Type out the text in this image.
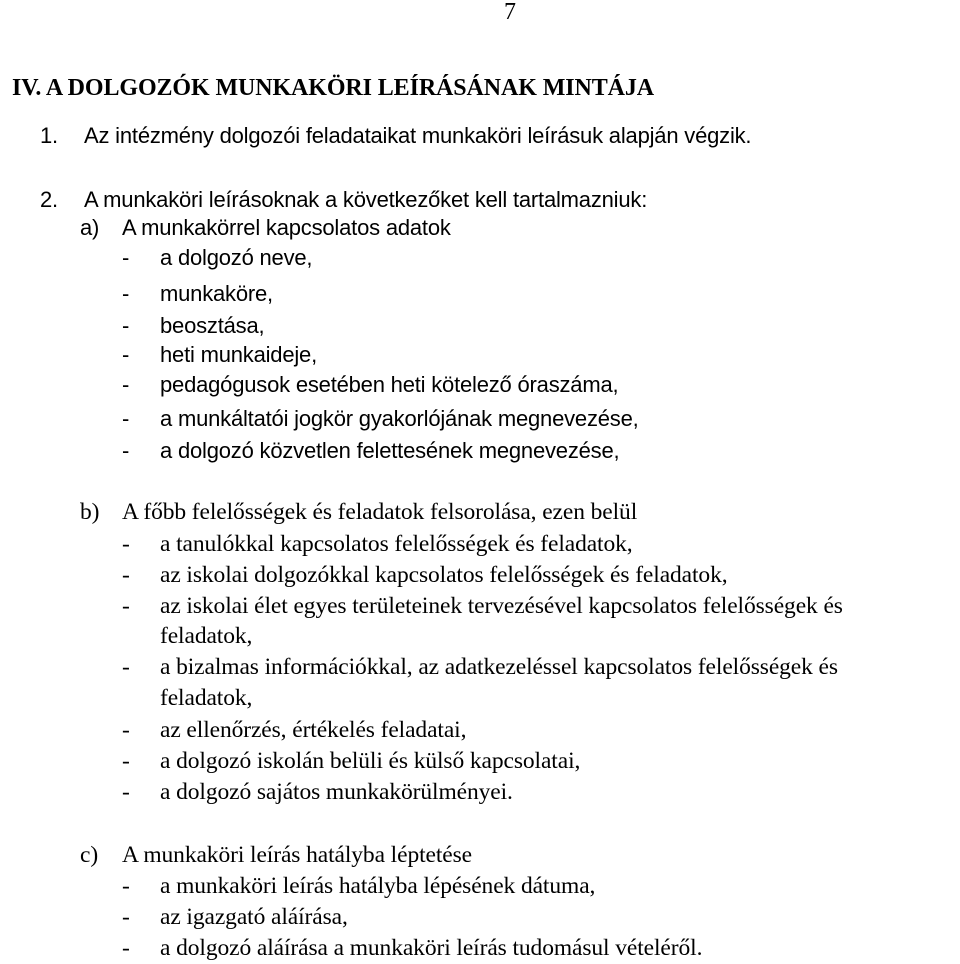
7
IV. A DOLGOZÓK MUNKAKÖRI LEÍRÁSÁNAK MINTÁJA
1. Az intézmény dolgozói feladataikat munkaköri leírásuk alapján végzik.
2. A munkaköri leírásoknak a következőket kell tartalmazniuk:
a) A munkakörrel kapcsolatos adatok
- a dolgozó neve,
- munkaköre,
- beosztása,
- heti munkaideje,
- pedagógusok esetében heti kötelező óraszáma,
- a munkáltatói jogkör gyakorlójának megnevezése,
- a dolgozó közvetlen felettesének megnevezése,
b) A főbb felelősségek és feladatok felsorolása, ezen belül
- a tanulókkal kapcsolatos felelősségek és feladatok,
- az iskolai dolgozókkal kapcsolatos felelősségek és feladatok,
- az iskolai élet egyes területeinek tervezésével kapcsolatos felelősségek és
feladatok,
- a bizalmas információkkal, az adatkezeléssel kapcsolatos felelősségek és
feladatok,
- az ellenőrzés, értékelés feladatai,
- a dolgozó iskolán belüli és külső kapcsolatai,
- a dolgozó sajátos munkakörülményei.
c) A munkaköri leírás hatályba léptetése
- a munkaköri leírás hatályba lépésének dátuma,
- az igazgató aláírása,
- a dolgozó aláírása a munkaköri leírás tudomásul vételéről.
